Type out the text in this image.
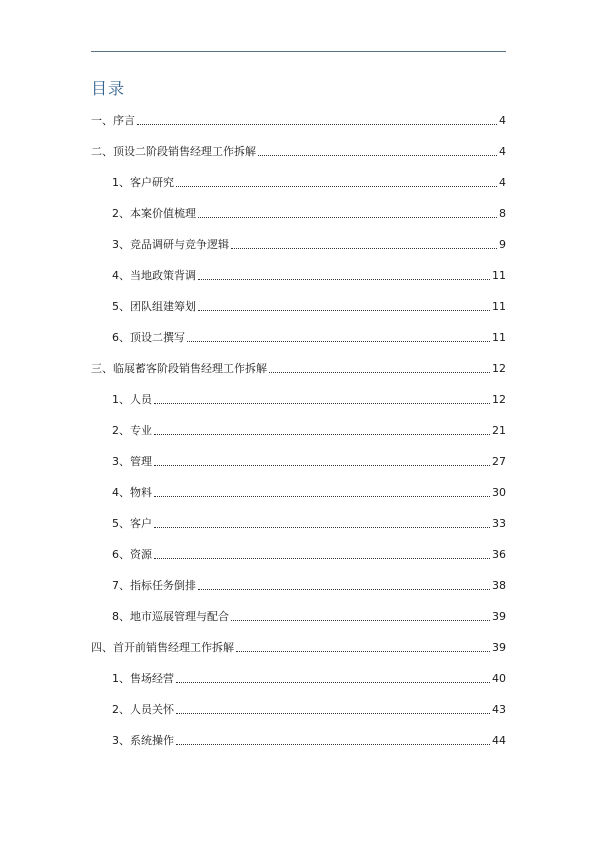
目录
一、序言	4
二、顶设二阶段销售经理工作拆解	4
1、客户研究	4
2、本案价值梳理	8
3、竞品调研与竞争逻辑	9
4、当地政策背调	11
5、团队组建筹划	11
6、顶设二撰写	11
三、临展蓄客阶段销售经理工作拆解	12
1、人员	12
2、专业	21
3、管理	27
4、物料	30
5、客户	33
6、资源	36
7、指标任务倒排	38
8、地市巡展管理与配合	39
四、首开前销售经理工作拆解	39
1、售场经营	40
2、人员关怀	43
3、系统操作	44
